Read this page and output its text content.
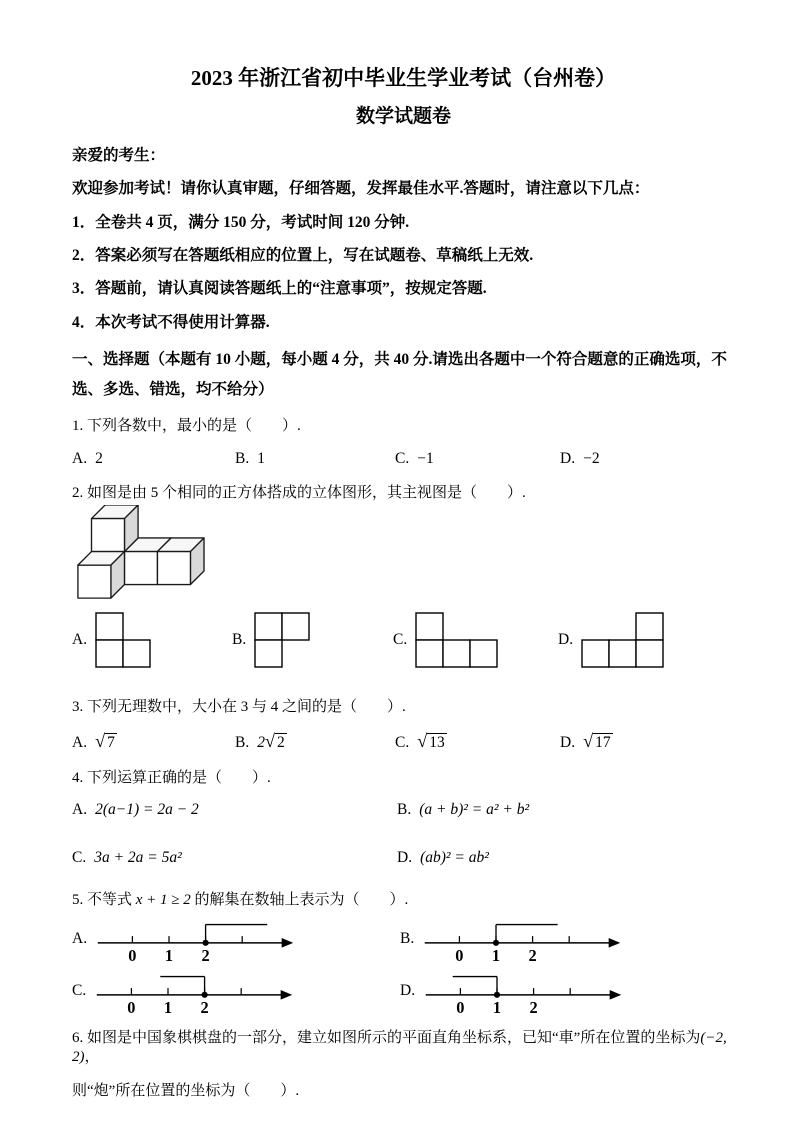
2023 年浙江省初中毕业生学业考试（台州卷）

数学试题卷

亲爱的考生：

欢迎参加考试！请你认真审题，仔细答题，发挥最佳水平.答题时，请注意以下几点：

1．全卷共 4 页，满分 150 分，考试时间 120 分钟.

2．答案必须写在答题纸相应的位置上，写在试题卷、草稿纸上无效.

3．答题前，请认真阅读答题纸上的“注意事项”，按规定答题.

4．本次考试不得使用计算器.

一、选择题（本题有 10 小题，每小题 4 分，共 40 分.请选出各题中一个符合题意的正确选项，不选、多选、错选，均不给分）

1. 下列各数中，最小的是（　　）.

A. 2	B. 1	C. −1	D. −2

2. 如图是由 5 个相同的正方体搭成的立体图形，其主视图是（　　）.

A.	B.	C.	D.

3. 下列无理数中，大小在 3 与 4 之间的是（　　）.

A. √ 7	B. 2√ 2	C. √ 13	D. √ 17

4. 下列运算正确的是（　　）.

A. 2(a−1) = 2a − 2	B. (a + b)² = a² + b²
C. 3a + 2a = 5a²	D. (ab)² = ab²

5. 不等式 x + 1 ≥ 2 的解集在数轴上表示为（　　）.

A.
0 1 2
B.
0 1 2
C.
0 1 2
D.
0 1 2

6. 如图是中国象棋棋盘的一部分，建立如图所示的平面直角坐标系，已知“車”所在位置的坐标为(−2, 2)，

则“炮”所在位置的坐标为（　　）.
